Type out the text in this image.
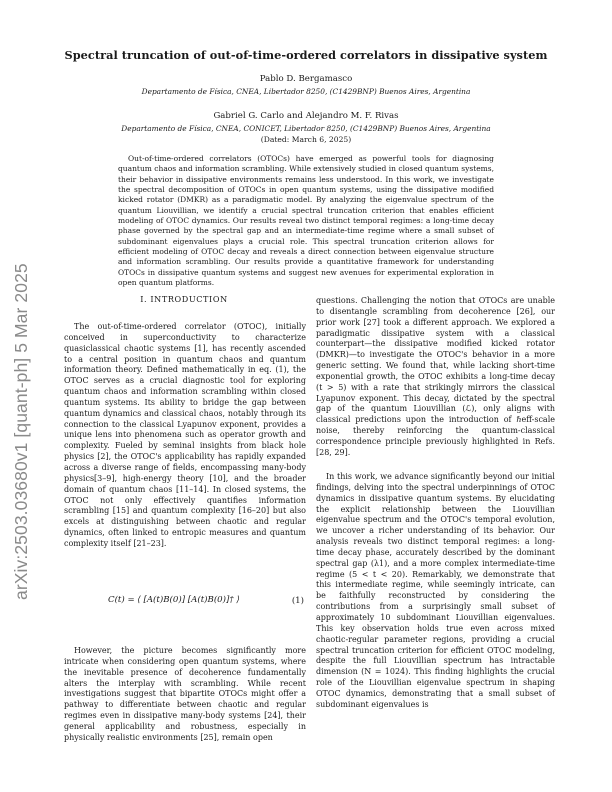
arXiv:2503.03680v1 [quant-ph] 5 Mar 2025
Spectral truncation of out-of-time-ordered correlators in dissipative system
Pablo D. Bergamasco
Departamento de Física, CNEA, Libertador 8250, (C1429BNP) Buenos Aires, Argentina
Gabriel G. Carlo and Alejandro M. F. Rivas
Departamento de Física, CNEA, CONICET, Libertador 8250, (C1429BNP) Buenos Aires, Argentina
(Dated: March 6, 2025)

Out-of-time-ordered correlators (OTOCs) have emerged as powerful tools for diagnosing quantum chaos and information scrambling. While extensively studied in closed quantum systems, their behavior in dissipative environments remains less understood. In this work, we investigate the spectral decomposition of OTOCs in open quantum systems, using the dissipative modified kicked rotator (DMKR) as a paradigmatic model. By analyzing the eigenvalue spectrum of the quantum Liouvillian, we identify a crucial spectral truncation criterion that enables efficient modeling of OTOC dynamics. Our results reveal two distinct temporal regimes: a long-time decay phase governed by the spectral gap and an intermediate-time regime where a small subset of subdominant eigenvalues plays a crucial role. This spectral truncation criterion allows for efficient modeling of OTOC decay and reveals a direct connection between eigenvalue structure and information scrambling. Our results provide a quantitative framework for understanding OTOCs in dissipative quantum systems and suggest new avenues for experimental exploration in open quantum platforms.

I. INTRODUCTION

The out-of-time-ordered correlator (OTOC), initially conceived in superconductivity to characterize quasiclassical chaotic systems [1], has recently ascended to a central position in quantum chaos and quantum information theory. Defined mathematically in eq. (1), the OTOC serves as a crucial diagnostic tool for exploring quantum chaos and information scrambling within closed quantum systems. Its ability to bridge the gap between quantum dynamics and classical chaos, notably through its connection to the classical Lyapunov exponent, provides a unique lens into phenomena such as operator growth and complexity. Fueled by seminal insights from black hole physics [2], the OTOC's applicability has rapidly expanded across a diverse range of fields, encompassing many-body physics[3–9], high-energy theory [10], and the broader domain of quantum chaos [11–14]. In closed systems, the OTOC not only effectively quantifies information scrambling [15] and quantum complexity [16–20] but also excels at distinguishing between chaotic and regular dynamics, often linked to entropic measures and quantum complexity itself [21–23].

C(t) = ⟨ [A(t)B(0)] [A(t)B(0)]† ⟩	(1)

However, the picture becomes significantly more intricate when considering open quantum systems, where the inevitable presence of decoherence fundamentally alters the interplay with scrambling. While recent investigations suggest that bipartite OTOCs might offer a pathway to differentiate between chaotic and regular regimes even in dissipative many-body systems [24], their general applicability and robustness, especially in physically realistic environments [25], remain open

questions. Challenging the notion that OTOCs are unable to disentangle scrambling from decoherence [26], our prior work [27] took a different approach. We explored a paradigmatic dissipative system with a classical counterpart—the dissipative modified kicked rotator (DMKR)—to investigate the OTOC's behavior in a more generic setting. We found that, while lacking short-time exponential growth, the OTOC exhibits a long-time decay (t > 5) with a rate that strikingly mirrors the classical Lyapunov exponent. This decay, dictated by the spectral gap of the quantum Liouvillian (ℒ), only aligns with classical predictions upon the introduction of ℏeff-scale noise, thereby reinforcing the quantum-classical correspondence principle previously highlighted in Refs. [28, 29].

In this work, we advance significantly beyond our initial findings, delving into the spectral underpinnings of OTOC dynamics in dissipative quantum systems. By elucidating the explicit relationship between the Liouvillian eigenvalue spectrum and the OTOC's temporal evolution, we uncover a richer understanding of its behavior. Our analysis reveals two distinct temporal regimes: a long-time decay phase, accurately described by the dominant spectral gap (λ1), and a more complex intermediate-time regime (5 < t < 20). Remarkably, we demonstrate that this intermediate regime, while seemingly intricate, can be faithfully reconstructed by considering the contributions from a surprisingly small subset of approximately 10 subdominant Liouvillian eigenvalues. This key observation holds true even across mixed chaotic-regular parameter regions, providing a crucial spectral truncation criterion for efficient OTOC modeling, despite the full Liouvillian spectrum has intractable dimension (N = 1024). This finding highlights the crucial role of the Liouvillian eigenvalue spectrum in shaping OTOC dynamics, demonstrating that a small subset of subdominant eigenvalues is
